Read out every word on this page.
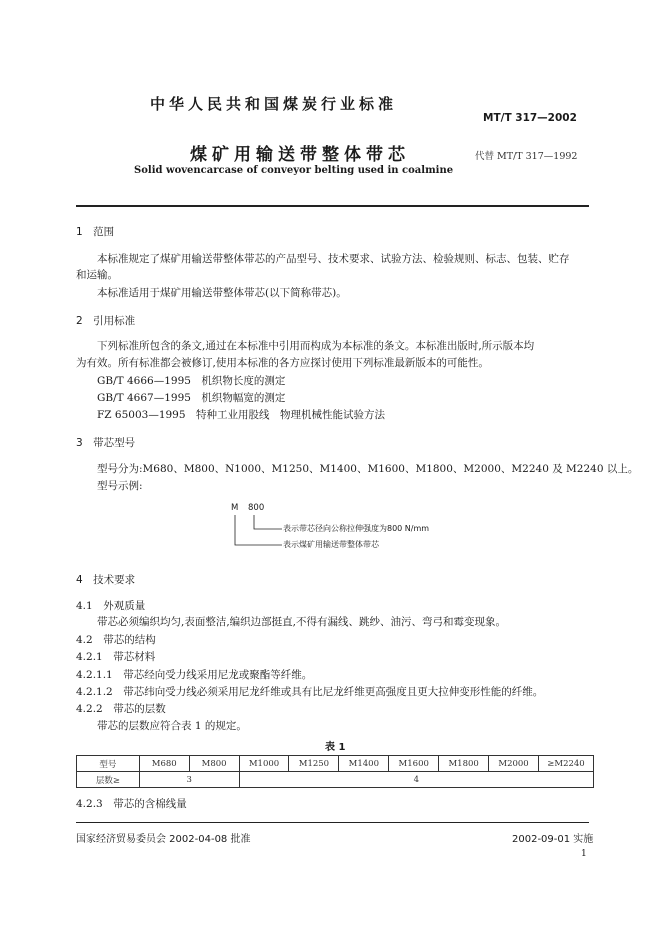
中华人民共和国煤炭行业标准
MT/T 317—2002
煤矿用输送带整体带芯	代替 MT/T 317—1992
Solid wovencarcase of conveyor belting used in coalmine
1　范围
本标准规定了煤矿用输送带整体带芯的产品型号、技术要求、试验方法、检验规则、标志、包装、贮存
和运输。
本标准适用于煤矿用输送带整体带芯(以下简称带芯)。
2　引用标准
下列标准所包含的条文,通过在本标准中引用而构成为本标准的条文。本标准出版时,所示版本均
为有效。所有标准都会被修订,使用本标准的各方应探讨使用下列标准最新版本的可能性。
GB/T 4666—1995　机织物长度的测定
GB/T 4667—1995　机织物幅宽的测定
FZ 65003—1995　特种工业用股线　物理机械性能试验方法
3　带芯型号
型号分为:M680、M800、N1000、M1250、M1400、M1600、M1800、M2000、M2240 及 M2240 以上。
型号示例:
M 800
表示带芯径向公称拉伸强度为800 N/mm
表示煤矿用输送带整体带芯
4　技术要求
4.1　外观质量
带芯必须编织均匀,表面整洁,编织边部挺直,不得有漏线、跳纱、油污、弯弓和霉变现象。
4.2　带芯的结构
4.2.1　带芯材料
4.2.1.1　带芯经向受力线采用尼龙或聚酯等纤维。
4.2.1.2　带芯纬向受力线必须采用尼龙纤维或具有比尼龙纤维更高强度且更大拉伸变形性能的纤维。
4.2.2　带芯的层数
带芯的层数应符合表 1 的规定。
表 1
型号	M680	M800	M1000	M1250	M1400	M1600	M1800	M2000	≥M2240
层数≥	3		4						
4.2.3　带芯的含棉线量
国家经济贸易委员会 2002-04-08 批准	2002-09-01 实施
1
